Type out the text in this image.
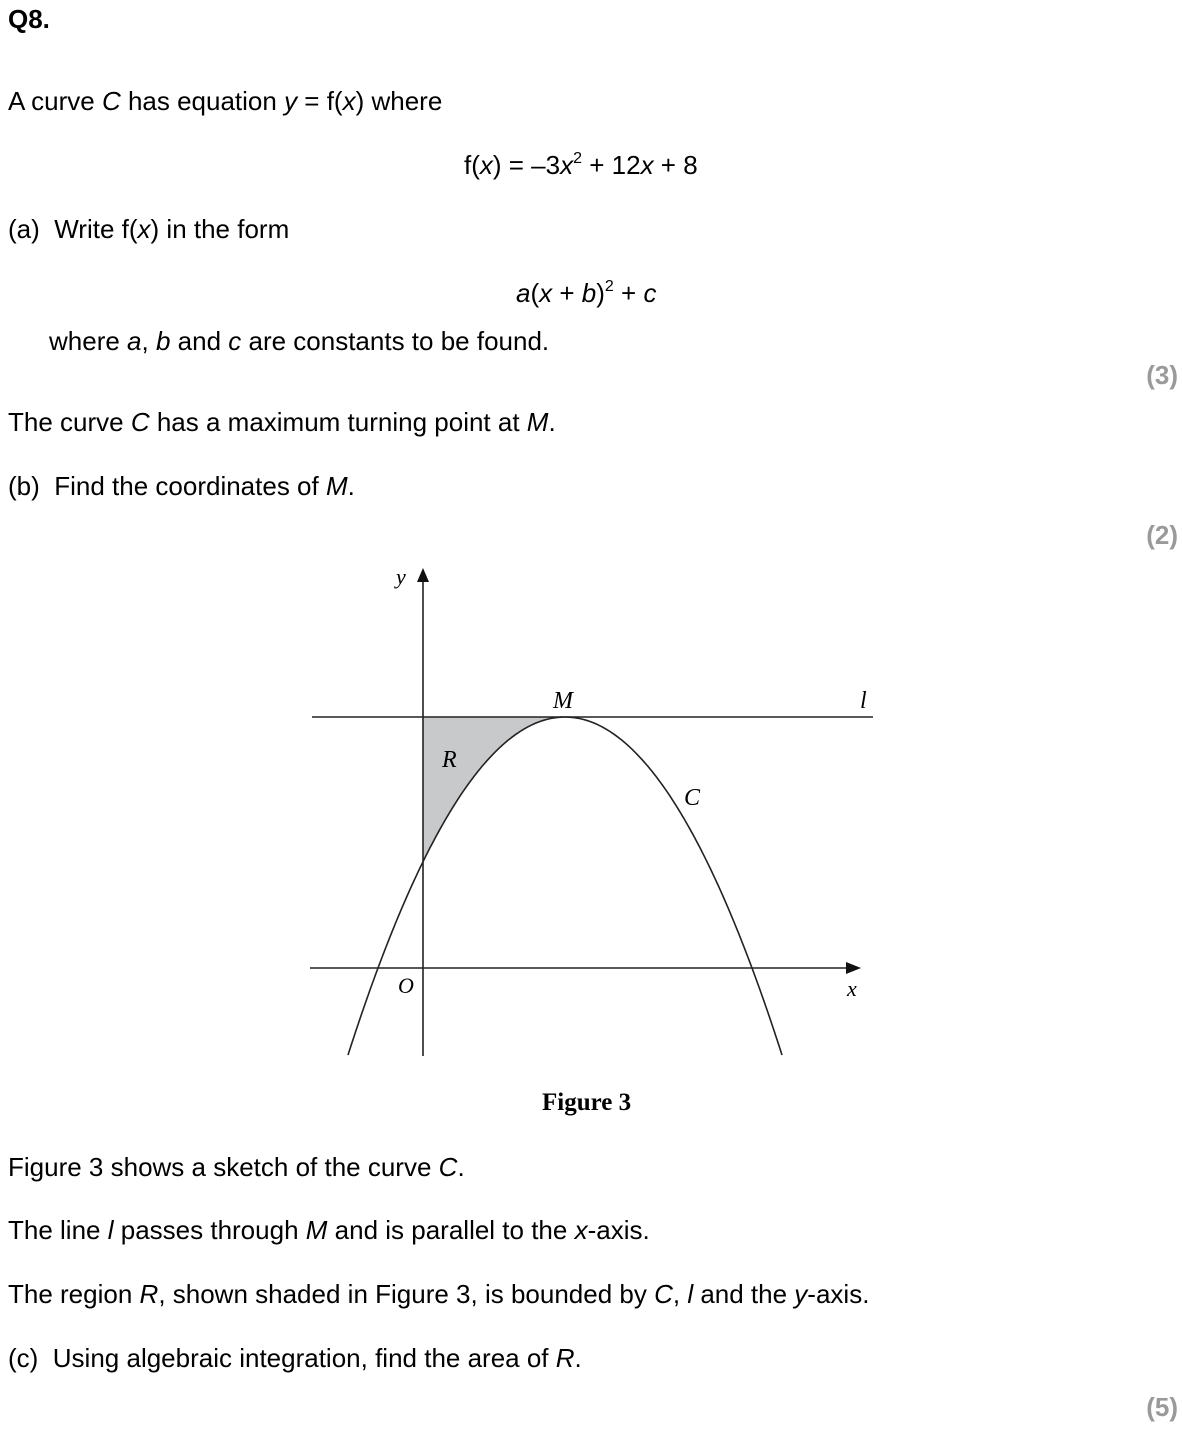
Q8.
A curve C has equation y = f(x) where
$f(x) = -3x^2 + 12x + 8$
(a) Write f(x) in the form
$a(x + b)^2 + c$
where a, b and c are constants to be found.
(3)
The curve C has a maximum turning point at M.
(b) Find the coordinates of M.
(2)
y
x
O
M	l
R
C
Figure 3
Figure 3 shows a sketch of the curve C.
The line l passes through M and is parallel to the x-axis.
The region R, shown shaded in Figure 3, is bounded by C, l and the y-axis.
(c) Using algebraic integration, find the area of R.
(5)
